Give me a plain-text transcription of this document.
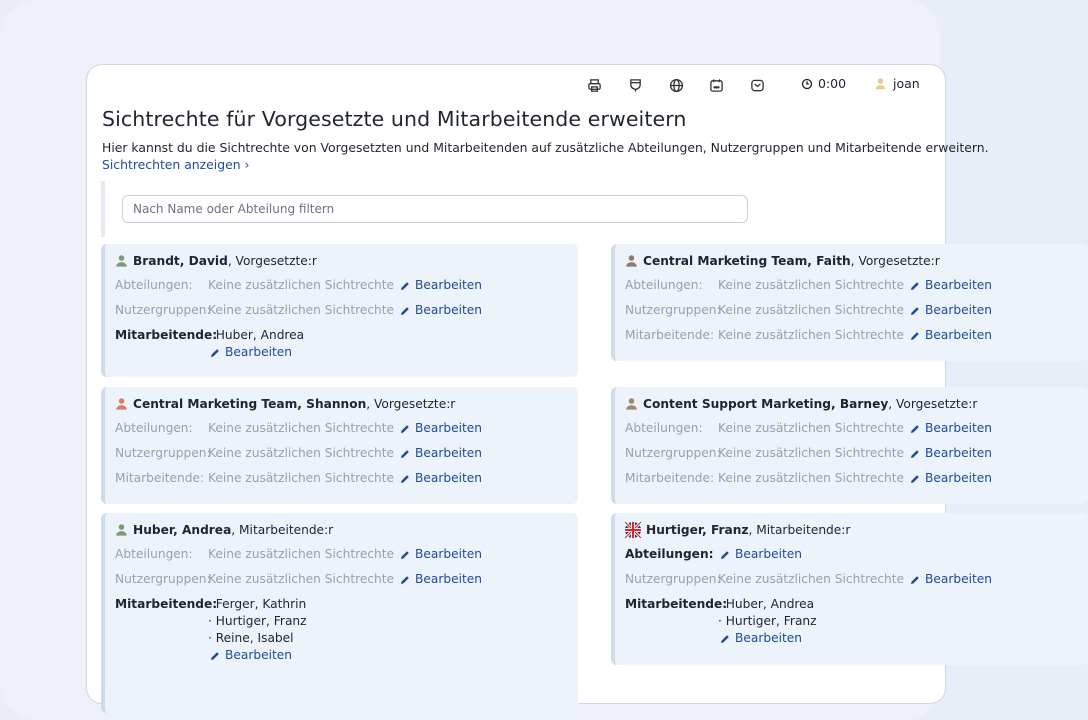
0:00	joan
Sichtrechte für Vorgesetzte und Mitarbeitende erweitern
Hier kannst du die Sichtrechte von Vorgesetzten und Mitarbeitenden auf zusätzliche Abteilungen, Nutzergruppen und Mitarbeitende erweitern.
Sichtrechten anzeigen ›
Nach Name oder Abteilung filtern
Brandt, David, Vorgesetzte:r
Abteilungen:	Keine zusätzlichen Sichtrechte Bearbeiten
Nutzergruppen:
Keine zusätzlichen Sichtrechte Bearbeiten
Mitarbeitende:
· Huber, Andrea
Bearbeiten
Central Marketing Team, Faith, Vorgesetzte:r
Abteilungen:	Keine zusätzlichen Sichtrechte Bearbeiten
Nutzergruppen:
Keine zusätzlichen Sichtrechte Bearbeiten
Mitarbeitende: Keine zusätzlichen Sichtrechte Bearbeiten
Central Marketing Team, Shannon, Vorgesetzte:r
Abteilungen:	Keine zusätzlichen Sichtrechte Bearbeiten
Nutzergruppen:
Keine zusätzlichen Sichtrechte Bearbeiten
Mitarbeitende: Keine zusätzlichen Sichtrechte Bearbeiten
Content Support Marketing, Barney, Vorgesetzte:r
Abteilungen:	Keine zusätzlichen Sichtrechte Bearbeiten
Nutzergruppen:
Keine zusätzlichen Sichtrechte Bearbeiten
Mitarbeitende: Keine zusätzlichen Sichtrechte Bearbeiten
Huber, Andrea, Mitarbeitende:r
Abteilungen:	Keine zusätzlichen Sichtrechte Bearbeiten
Nutzergruppen:
Keine zusätzlichen Sichtrechte Bearbeiten
Mitarbeitende:
· Ferger, Kathrin
· Hurtiger, Franz
· Reine, Isabel
Bearbeiten
Hurtiger, Franz, Mitarbeitende:r
Abteilungen:	Bearbeiten
Nutzergruppen:
Keine zusätzlichen Sichtrechte Bearbeiten
Mitarbeitende:
· Huber, Andrea
· Hurtiger, Franz
Bearbeiten
